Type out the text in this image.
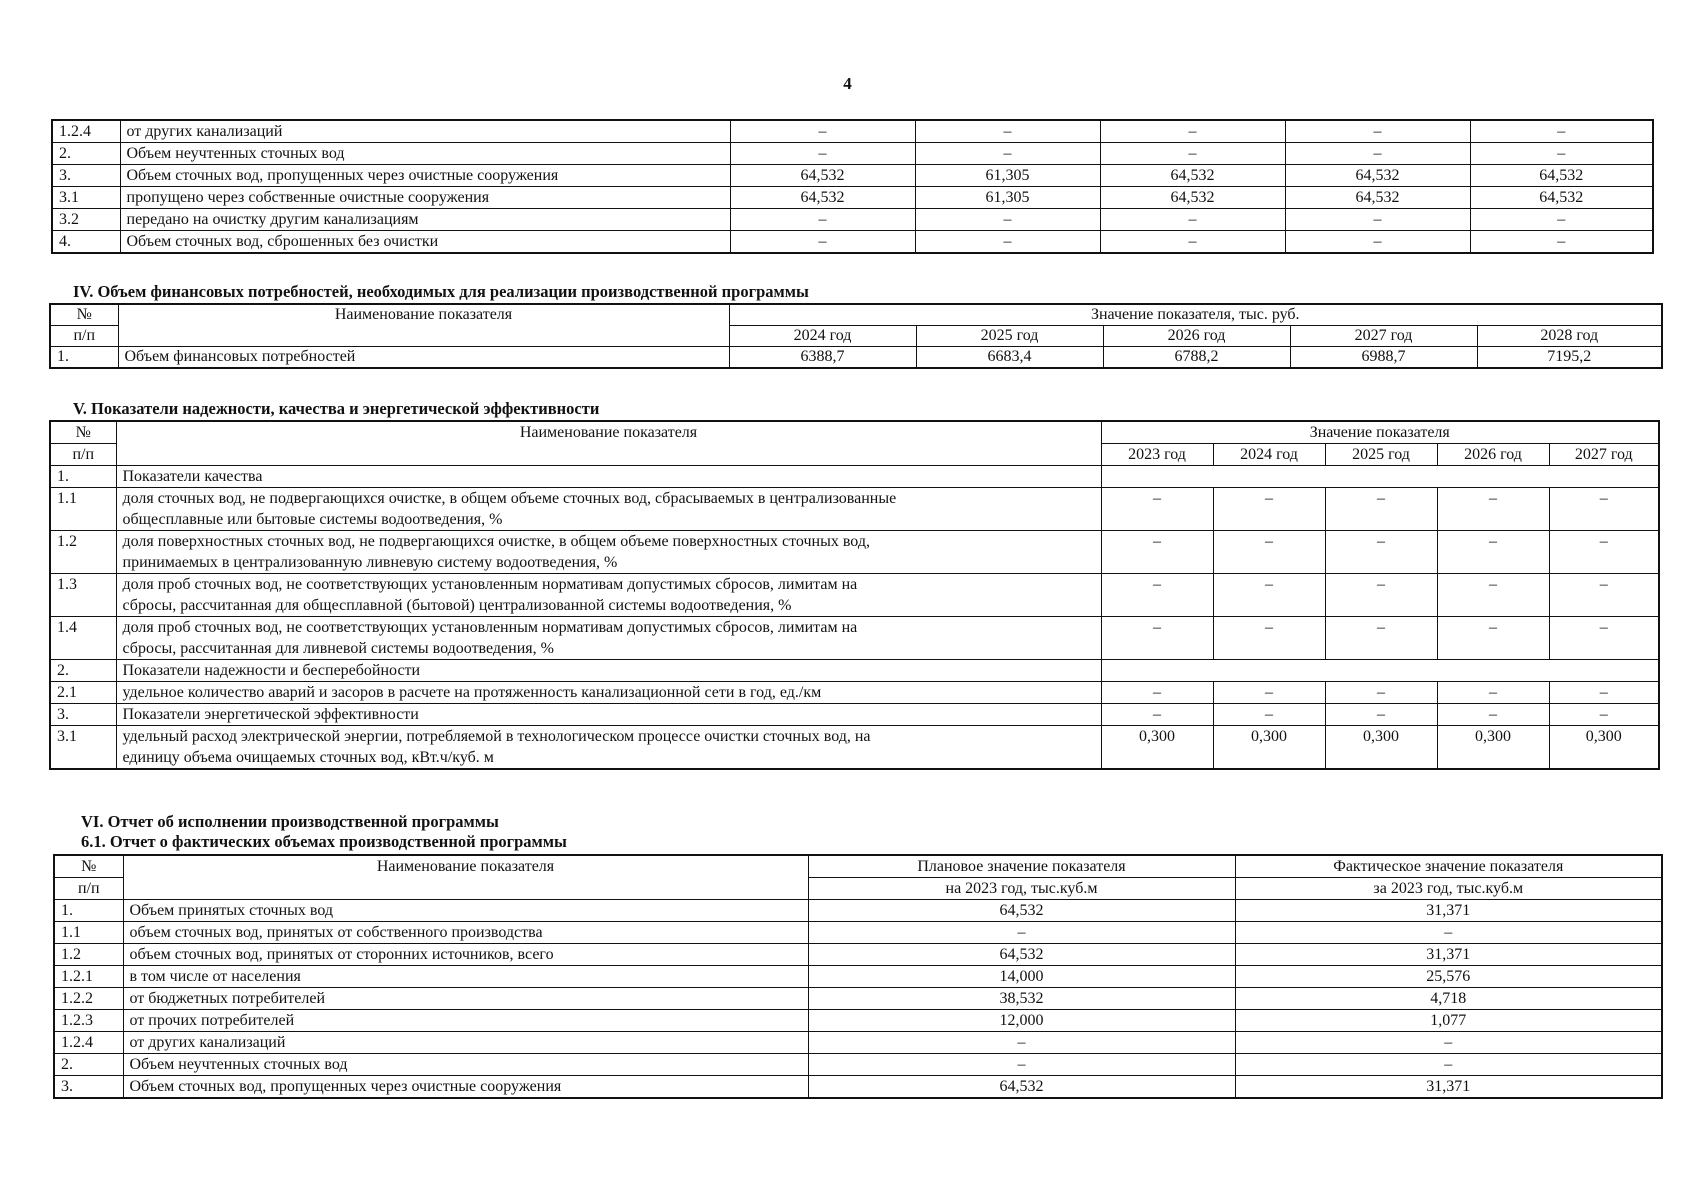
4
1.2.4	от других канализаций	–	–	–	–	–
2.	Объем неучтенных сточных вод	–	–	–	–	–
3.	Объем сточных вод, пропущенных через очистные сооружения	64,532	61,305	64,532	64,532	64,532
3.1	пропущено через собственные очистные сооружения	64,532	61,305	64,532	64,532	64,532
3.2	передано на очистку другим канализациям	–	–	–	–	–
4.	Объем сточных вод, сброшенных без очистки	–	–	–	–	–
IV. Объем финансовых потребностей, необходимых для реализации производственной программы
№	Наименование показателя	Значение показателя, тыс. руб.				
п/п		2024 год	2025 год	2026 год	2027 год	2028 год
1.	Объем финансовых потребностей	6388,7	6683,4	6788,2	6988,7	7195,2
V. Показатели надежности, качества и энергетической эффективности
№	Наименование показателя	Значение показателя				
п/п		2023 год	2024 год	2025 год	2026 год	2027 год
1.	Показатели качества					
1.1	доля сточных вод, не подвергающихся очистке, в общем объеме сточных вод, сбрасываемых в централизованные
общесплавные или бытовые системы водоотведения, %	–	–	–	–	–
1.2	доля поверхностных сточных вод, не подвергающихся очистке, в общем объеме поверхностных сточных вод,
принимаемых в централизованную ливневую систему водоотведения, %	–	–	–	–	–
1.3	доля проб сточных вод, не соответствующих установленным нормативам допустимых сбросов, лимитам на
сбросы, рассчитанная для общесплавной (бытовой) централизованной системы водоотведения, %	–	–	–	–	–
1.4	доля проб сточных вод, не соответствующих установленным нормативам допустимых сбросов, лимитам на
сбросы, рассчитанная для ливневой системы водоотведения, %	–	–	–	–	–
2.	Показатели надежности и бесперебойности					
2.1	удельное количество аварий и засоров в расчете на протяженность канализационной сети в год, ед./км	–	–	–	–	–
3.	Показатели энергетической эффективности	–	–	–	–	–
3.1	удельный расход электрической энергии, потребляемой в технологическом процессе очистки сточных вод, на
единицу объема очищаемых сточных вод, кВт.ч/куб. м	0,300	0,300	0,300	0,300	0,300
VI. Отчет об исполнении производственной программы
6.1. Отчет о фактических объемах производственной программы
№	Наименование показателя	Плановое значение показателя	Фактическое значение показателя
п/п		на 2023 год, тыс.куб.м	за 2023 год, тыс.куб.м
1.	Объем принятых сточных вод	64,532	31,371
1.1	объем сточных вод, принятых от собственного производства	–	–
1.2	объем сточных вод, принятых от сторонних источников, всего	64,532	31,371
1.2.1	в том числе от населения	14,000	25,576
1.2.2	от бюджетных потребителей	38,532	4,718
1.2.3	от прочих потребителей	12,000	1,077
1.2.4	от других канализаций	–	–
2.	Объем неучтенных сточных вод	–	–
3.	Объем сточных вод, пропущенных через очистные сооружения	64,532	31,371
